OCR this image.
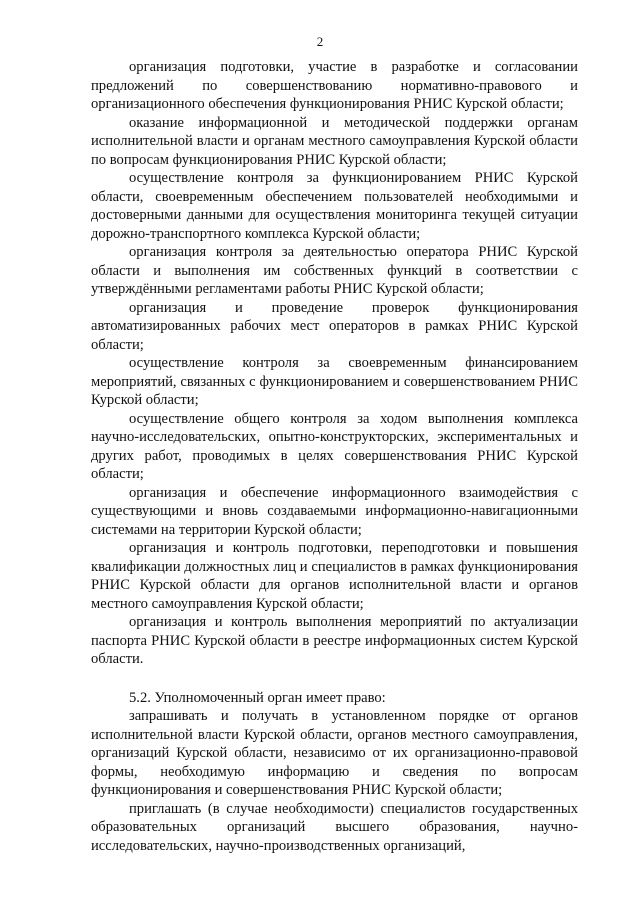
2

организация подготовки, участие в разработке и согласовании предложений по совершенствованию нормативно-правового и организационного обеспечения функционирования РНИС Курской области;

оказание информационной и методической поддержки органам исполнительной власти и органам местного самоуправления Курской области по вопросам функционирования РНИС Курской области;

осуществление контроля за функционированием РНИС Курской области, своевременным обеспечением пользователей необходимыми и достоверными данными для осуществления мониторинга текущей ситуации дорожно-транспортного комплекса Курской области;

организация контроля за деятельностью оператора РНИС Курской области и выполнения им собственных функций в соответствии с утверждёнными регламентами работы РНИС Курской области;

организация и проведение проверок функционирования автоматизированных рабочих мест операторов в рамках РНИС Курской области;

осуществление контроля за своевременным финансированием мероприятий, связанных с функционированием и совершенствованием РНИС Курской области;

осуществление общего контроля за ходом выполнения комплекса научно-исследовательских, опытно-конструкторских, экспериментальных и других работ, проводимых в целях совершенствования РНИС Курской области;

организация и обеспечение информационного взаимодействия с существующими и вновь создаваемыми информационно-навигационными системами на территории Курской области;

организация и контроль подготовки, переподготовки и повышения квалификации должностных лиц и специалистов в рамках функционирования РНИС Курской области для органов исполнительной власти и органов местного самоуправления Курской области;

организация и контроль выполнения мероприятий по актуализации паспорта РНИС Курской области в реестре информационных систем Курской области.

5.2. Уполномоченный орган имеет право:

запрашивать и получать в установленном порядке от органов исполнительной власти Курской области, органов местного самоуправления, организаций Курской области, независимо от их организационно-правовой формы, необходимую информацию и сведения по вопросам функционирования и совершенствования РНИС Курской области;

приглашать (в случае необходимости) специалистов государственных образовательных организаций высшего образования, научно-исследовательских, научно-производственных организаций,
